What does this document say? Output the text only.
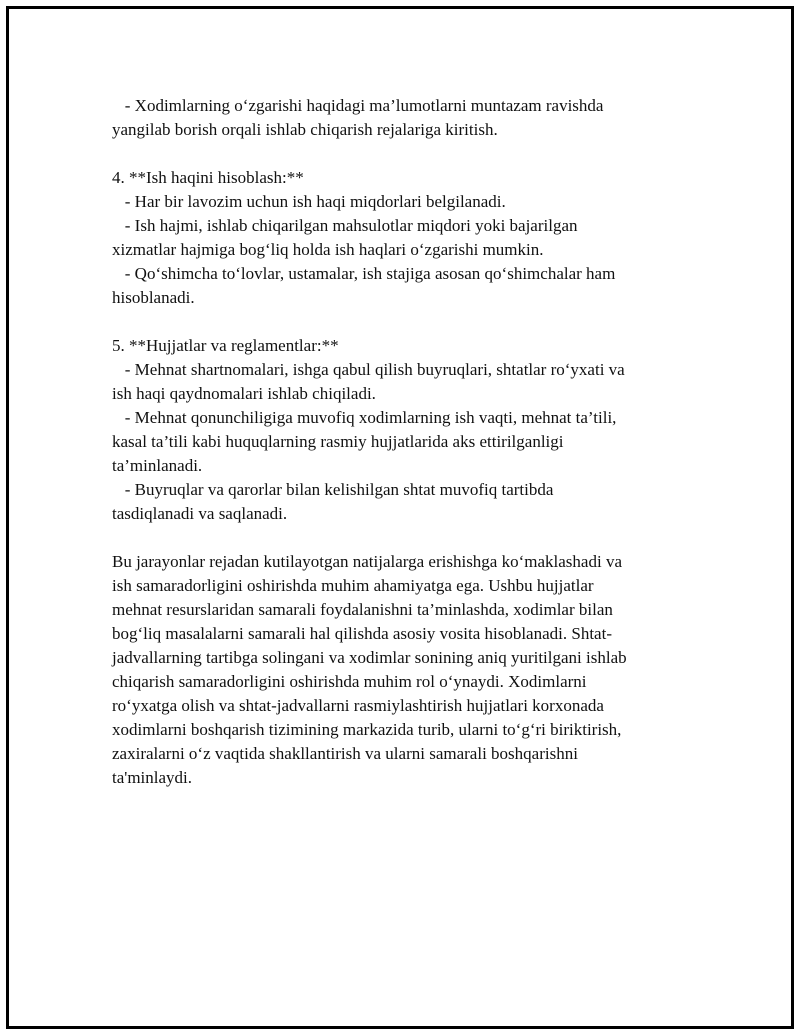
- Xodimlarning o‘zgarishi haqidagi ma’lumotlarni muntazam ravishda
yangilab borish orqali ishlab chiqarish rejalariga kiritish.

4. **Ish haqini hisoblash:**
- Har bir lavozim uchun ish haqi miqdorlari belgilanadi.
- Ish hajmi, ishlab chiqarilgan mahsulotlar miqdori yoki bajarilgan
xizmatlar hajmiga bog‘liq holda ish haqlari o‘zgarishi mumkin.
- Qo‘shimcha to‘lovlar, ustamalar, ish stajiga asosan qo‘shimchalar ham
hisoblanadi.

5. **Hujjatlar va reglamentlar:**
- Mehnat shartnomalari, ishga qabul qilish buyruqlari, shtatlar ro‘yxati va
ish haqi qaydnomalari ishlab chiqiladi.
- Mehnat qonunchiligiga muvofiq xodimlarning ish vaqti, mehnat ta’tili,
kasal ta’tili kabi huquqlarning rasmiy hujjatlarida aks ettirilganligi
ta’minlanadi.
- Buyruqlar va qarorlar bilan kelishilgan shtat muvofiq tartibda
tasdiqlanadi va saqlanadi.

Bu jarayonlar rejadan kutilayotgan natijalarga erishishga ko‘maklashadi va
ish samaradorligini oshirishda muhim ahamiyatga ega. Ushbu hujjatlar
mehnat resurslaridan samarali foydalanishni ta’minlashda, xodimlar bilan
bog‘liq masalalarni samarali hal qilishda asosiy vosita hisoblanadi. Shtat-
jadvallarning tartibga solingani va xodimlar sonining aniq yuritilgani ishlab
chiqarish samaradorligini oshirishda muhim rol o‘ynaydi. Xodimlarni
ro‘yxatga olish va shtat-jadvallarni rasmiylashtirish hujjatlari korxonada
xodimlarni boshqarish tizimining markazida turib, ularni to‘g‘ri biriktirish,
zaxiralarni o‘z vaqtida shakllantirish va ularni samarali boshqarishni
ta'minlaydi.
